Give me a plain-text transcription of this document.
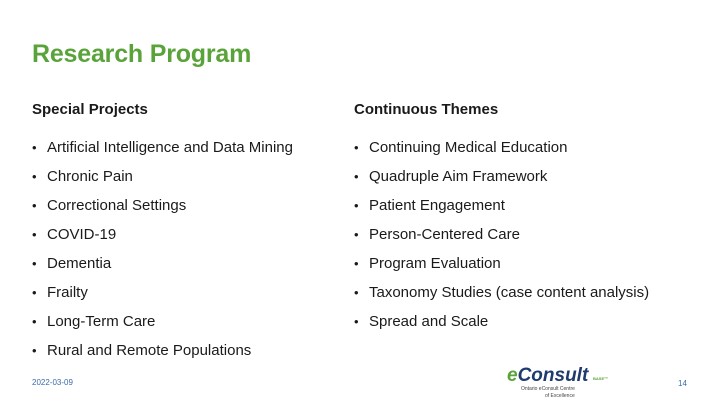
Research Program
Special Projects
• Artificial Intelligence and Data Mining
• Chronic Pain
• Correctional Settings
• COVID-19
• Dementia
• Frailty
• Long-Term Care
• Rural and Remote Populations
Continuous Themes
• Continuing Medical Education
• Quadruple Aim Framework
• Patient Engagement
• Person-Centered Care
• Program Evaluation
• Taxonomy Studies (case content analysis)
• Spread and Scale
2022-03-09	eConsult BASE™
Ontario eConsult Centre
of Excellence
14
